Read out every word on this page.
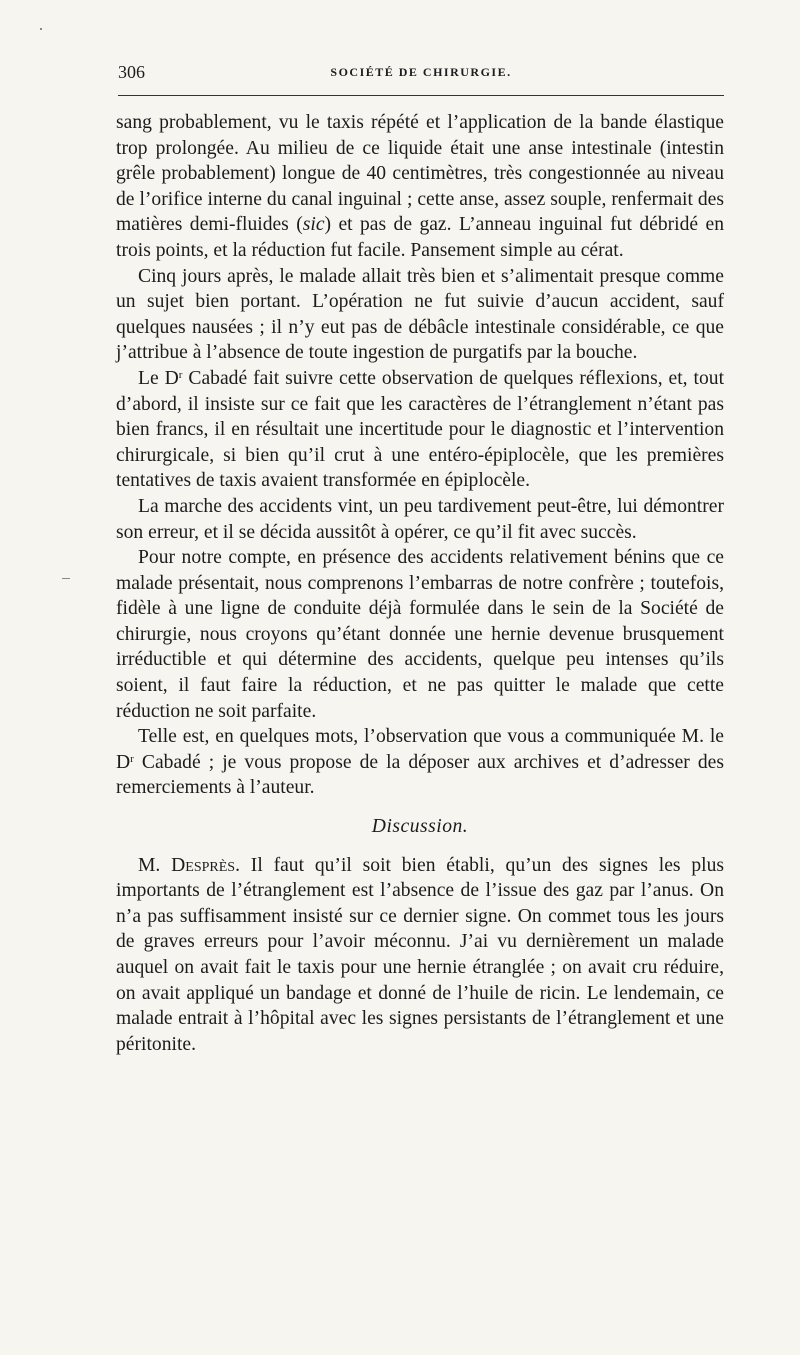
306	SOCIÉTÉ DE CHIRURGIE.

sang probablement, vu le taxis répété et l’application de la bande élastique trop prolongée. Au milieu de ce liquide était une anse intestinale (intestin grêle probablement) longue de 40 centimètres, très congestionnée au niveau de l’orifice interne du canal inguinal ; cette anse, assez souple, renfermait des matières demi-fluides (sic) et pas de gaz. L’anneau inguinal fut débridé en trois points, et la réduction fut facile. Pansement simple au cérat.

Cinq jours après, le malade allait très bien et s’alimentait presque comme un sujet bien portant. L’opération ne fut suivie d’aucun accident, sauf quelques nausées ; il n’y eut pas de débâcle intestinale considérable, ce que j’attribue à l’absence de toute ingestion de purgatifs par la bouche.

Le $D^r$ Cabadé fait suivre cette observation de quelques réflexions, et, tout d’abord, il insiste sur ce fait que les caractères de l’étranglement n’étant pas bien francs, il en résultait une incertitude pour le diagnostic et l’intervention chirurgicale, si bien qu’il crut à une entéro-épiplocèle, que les premières tentatives de taxis avaient transformée en épiplocèle.

La marche des accidents vint, un peu tardivement peut-être, lui démontrer son erreur, et il se décida aussitôt à opérer, ce qu’il fit avec succès.

Pour notre compte, en présence des accidents relativement bénins que ce malade présentait, nous comprenons l’embarras de notre confrère ; toutefois, fidèle à une ligne de conduite déjà formulée dans le sein de la Société de chirurgie, nous croyons qu’étant donnée une hernie devenue brusquement irréductible et qui détermine des accidents, quelque peu intenses qu’ils soient, il faut faire la réduction, et ne pas quitter le malade que cette réduction ne soit parfaite.

Telle est, en quelques mots, l’observation que vous a communiquée M. le $D^r$ Cabadé ; je vous propose de la déposer aux archives et d’adresser des remerciements à l’auteur.

Discussion.

M. Desprès. Il faut qu’il soit bien établi, qu’un des signes les plus importants de l’étranglement est l’absence de l’issue des gaz par l’anus. On n’a pas suffisamment insisté sur ce dernier signe. On commet tous les jours de graves erreurs pour l’avoir méconnu. J’ai vu dernièrement un malade auquel on avait fait le taxis pour une hernie étranglée ; on avait cru réduire, on avait appliqué un bandage et donné de l’huile de ricin. Le lendemain, ce malade entrait à l’hôpital avec les signes persistants de l’étranglement et une péritonite.
